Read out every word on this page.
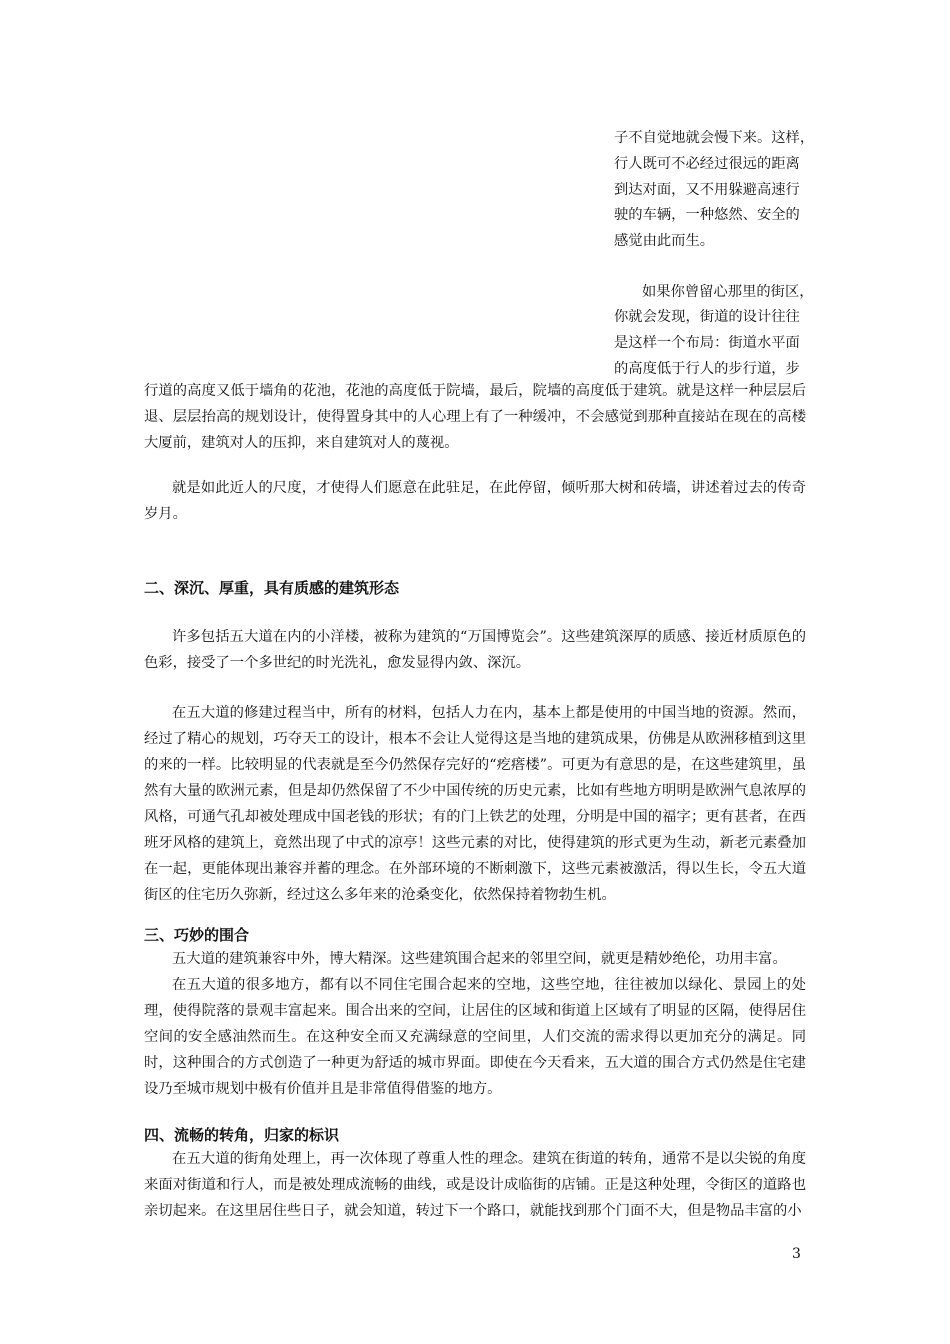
子不自觉地就会慢下来。这样，
行人既可不必经过很远的距离
到达对面，又不用躲避高速行
驶的车辆，一种悠然、安全的
感觉由此而生。
如果你曾留心那里的街区，
你就会发现，街道的设计往往
是这样一个布局：街道水平面
的高度低于行人的步行道，步
行道的高度又低于墙角的花池，花池的高度低于院墙，最后，院墙的高度低于建筑。就是这样一种层层后退、层层抬高的规划设计，使得置身其中的人心理上有了一种缓冲，不会感觉到那种直接站在现在的高楼大厦前，建筑对人的压抑，来自建筑对人的蔑视。

就是如此近人的尺度，才使得人们愿意在此驻足，在此停留，倾听那大树和砖墙，讲述着过去的传奇岁月。

二、深沉、厚重，具有质感的建筑形态

许多包括五大道在内的小洋楼，被称为建筑的“万国博览会”。这些建筑深厚的质感、接近材质原色的色彩，接受了一个多世纪的时光洗礼，愈发显得内敛、深沉。

在五大道的修建过程当中，所有的材料，包括人力在内，基本上都是使用的中国当地的资源。然而，经过了精心的规划，巧夺天工的设计，根本不会让人觉得这是当地的建筑成果，仿佛是从欧洲移植到这里的来的一样。比较明显的代表就是至今仍然保存完好的“疙瘩楼”。可更为有意思的是，在这些建筑里，虽然有大量的欧洲元素，但是却仍然保留了不少中国传统的历史元素，比如有些地方明明是欧洲气息浓厚的风格，可通气孔却被处理成中国老钱的形状；有的门上铁艺的处理，分明是中国的福字；更有甚者，在西班牙风格的建筑上，竟然出现了中式的凉亭！这些元素的对比，使得建筑的形式更为生动，新老元素叠加在一起，更能体现出兼容并蓄的理念。在外部环境的不断刺激下，这些元素被激活，得以生长，令五大道街区的住宅历久弥新，经过这么多年来的沧桑变化，依然保持着物勃生机。

三、巧妙的围合

五大道的建筑兼容中外，博大精深。这些建筑围合起来的邻里空间，就更是精妙绝伦，功用丰富。

在五大道的很多地方，都有以不同住宅围合起来的空地，这些空地，往往被加以绿化、景园上的处理，使得院落的景观丰富起来。围合出来的空间，让居住的区域和街道上区域有了明显的区隔，使得居住空间的安全感油然而生。在这种安全而又充满绿意的空间里，人们交流的需求得以更加充分的满足。同时，这种围合的方式创造了一种更为舒适的城市界面。即使在今天看来，五大道的围合方式仍然是住宅建设乃至城市规划中极有价值并且是非常值得借鉴的地方。

四、流畅的转角，归家的标识

在五大道的街角处理上，再一次体现了尊重人性的理念。建筑在街道的转角，通常不是以尖锐的角度来面对街道和行人，而是被处理成流畅的曲线，或是设计成临街的店铺。正是这种处理，令街区的道路也亲切起来。在这里居住些日子，就会知道，转过下一个路口，就能找到那个门面不大，但是物品丰富的小

3
